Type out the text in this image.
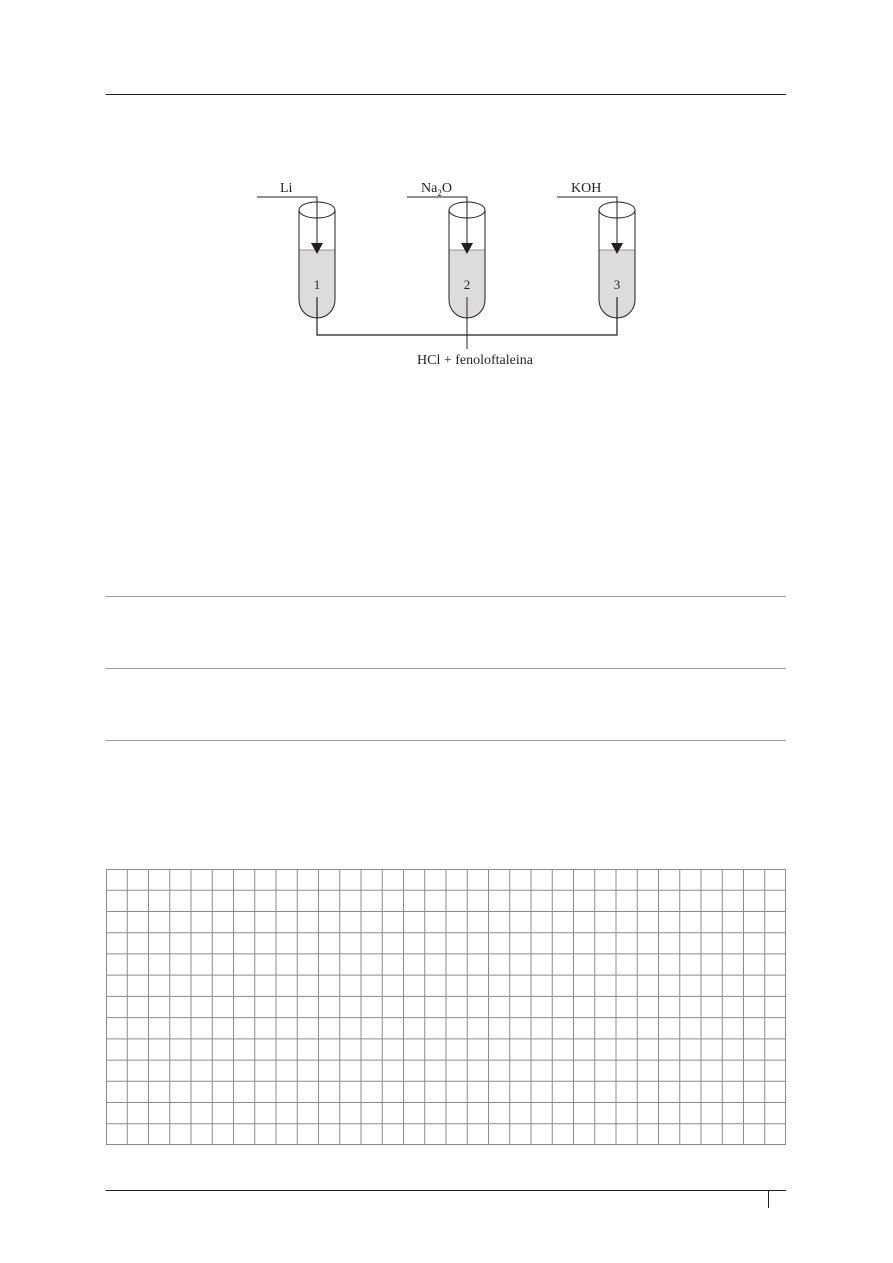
Li
1
$Na_2O$
2
KOH
3
HCl + fenoloftaleina
